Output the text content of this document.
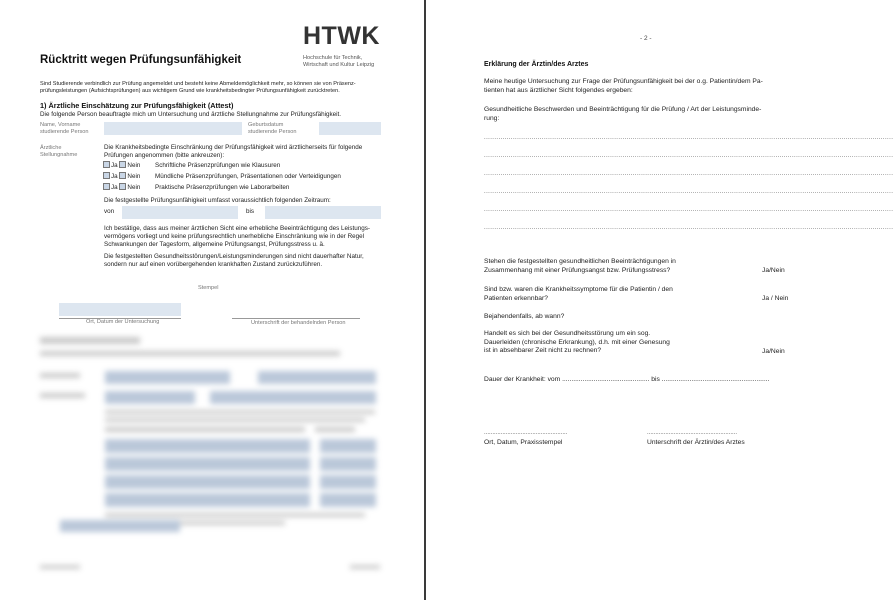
HTWK
Hochschule für Technik,
Wirtschaft und Kultur Leipzig
Rücktritt wegen Prüfungsunfähigkeit
Sind Studierende verbindlich zur Prüfung angemeldet und besteht keine Abmeldemöglichkeit mehr, so können sie von Präsenz-
prüfungsleistungen (Aufsichtsprüfungen) aus wichtigem Grund wie krankheitsbedingter Prüfungsunfähigkeit zurücktreten.
1) Ärztliche Einschätzung zur Prüfungsfähigkeit (Attest)
Die folgende Person beauftragte mich um Untersuchung und ärztliche Stellungnahme zur Prüfungsfähigkeit.
Name, Vorname
studierende Person
Geburtsdatum
studierende Person
Ärztliche
Stellungnahme
Die Krankheitsbedingte Einschränkung der Prüfungsfähigkeit wird ärztlicherseits für folgende
Prüfungen angenommen (bitte ankreuzen):
Ja Nein Schriftliche Präsenzprüfungen wie Klausuren
Ja Nein Mündliche Präsenzprüfungen, Präsentationen oder Verteidigungen
Ja Nein Praktische Präsenzprüfungen wie Laborarbeiten
Die festgestellte Prüfungsunfähigkeit umfasst voraussichtlich folgenden Zeitraum:
von	bis
Ich bestätige, dass aus meiner ärztlichen Sicht eine erhebliche Beeinträchtigung des Leistungs-
vermögens vorliegt und keine prüfungsrechtlich unerhebliche Einschränkung wie in der Regel
Schwankungen der Tagesform, allgemeine Prüfungsangst, Prüfungsstress u. ä.
Die festgestellten Gesundheitsstörungen/Leistungsminderungen sind nicht dauerhafter Natur,
sondern nur auf einen vorübergehenden krankhaften Zustand zurückzuführen.
Stempel
Ort, Datum der Untersuchung	Unterschrift der behandelnden Person
- 2 -
Erklärung der Ärztin/des Arztes
Meine heutige Untersuchung zur Frage der Prüfungsunfähigkeit bei der o.g. Patientin/dem Pa-
tienten hat aus ärztlicher Sicht folgendes ergeben:
Gesundheitliche Beschwerden und Beeinträchtigung für die Prüfung / Art der Leistungsminde-
rung:
......................................................................................................................................................................................................
......................................................................................................................................................................................................
......................................................................................................................................................................................................
......................................................................................................................................................................................................
......................................................................................................................................................................................................
......................................................................................................................................................................................................
Stehen die festgestellten gesundheitlichen Beeinträchtigungen in
Zusammenhang mit einer Prüfungsangst bzw. Prüfungsstress?	Ja/Nein
Sind bzw. waren die Krankheitssymptome für die Patientin / den
Patienten erkennbar?	Ja / Nein
Bejahendenfalls, ab wann?
Handelt es sich bei der Gesundheitsstörung um ein sog.
Dauerleiden (chronische Erkrankung), d.h. mit einer Genesung
ist in absehbarer Zeit nicht zu rechnen?	Ja/Nein
Dauer der Krankheit: vom ............................................... bis ..........................................................
..................................................	......................................................
Ort, Datum, Praxisstempel	Unterschrift der Ärztin/des Arztes
